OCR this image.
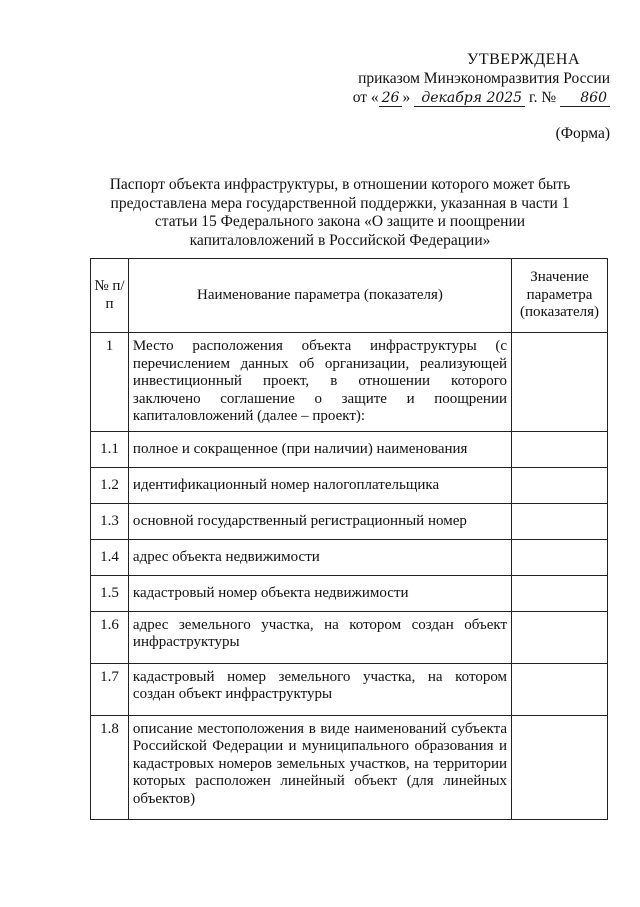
УТВЕРЖДЕНА
приказом Минэкономразвития России
от « 26 » декабря 2025 г. № 860
(Форма)
Паспорт объекта инфраструктуры, в отношении которого может быть предоставлена мера государственной поддержки, указанная в части 1 статьи 15 Федерального закона «О защите и поощрении капиталовложений в Российской Федерации»
№ п/п	Наименование параметра (показателя)	Значение параметра (показателя)
1	Место расположения объекта инфраструктуры (с перечислением данных об организации, реализующей инвестиционный проект, в отношении которого заключено соглашение о защите и поощрении капиталовложений (далее – проект):	
1.1	полное и сокращенное (при наличии) наименования	
1.2	идентификационный номер налогоплательщика	
1.3	основной государственный регистрационный номер	
1.4	адрес объекта недвижимости	
1.5	кадастровый номер объекта недвижимости	
1.6	адрес земельного участка, на котором создан объект инфраструктуры	
1.7	кадастровый номер земельного участка, на котором создан объект инфраструктуры	
1.8	описание местоположения в виде наименований субъекта Российской Федерации и муниципального образования и кадастровых номеров земельных участков, на территории которых расположен линейный объект (для линейных объектов)	
